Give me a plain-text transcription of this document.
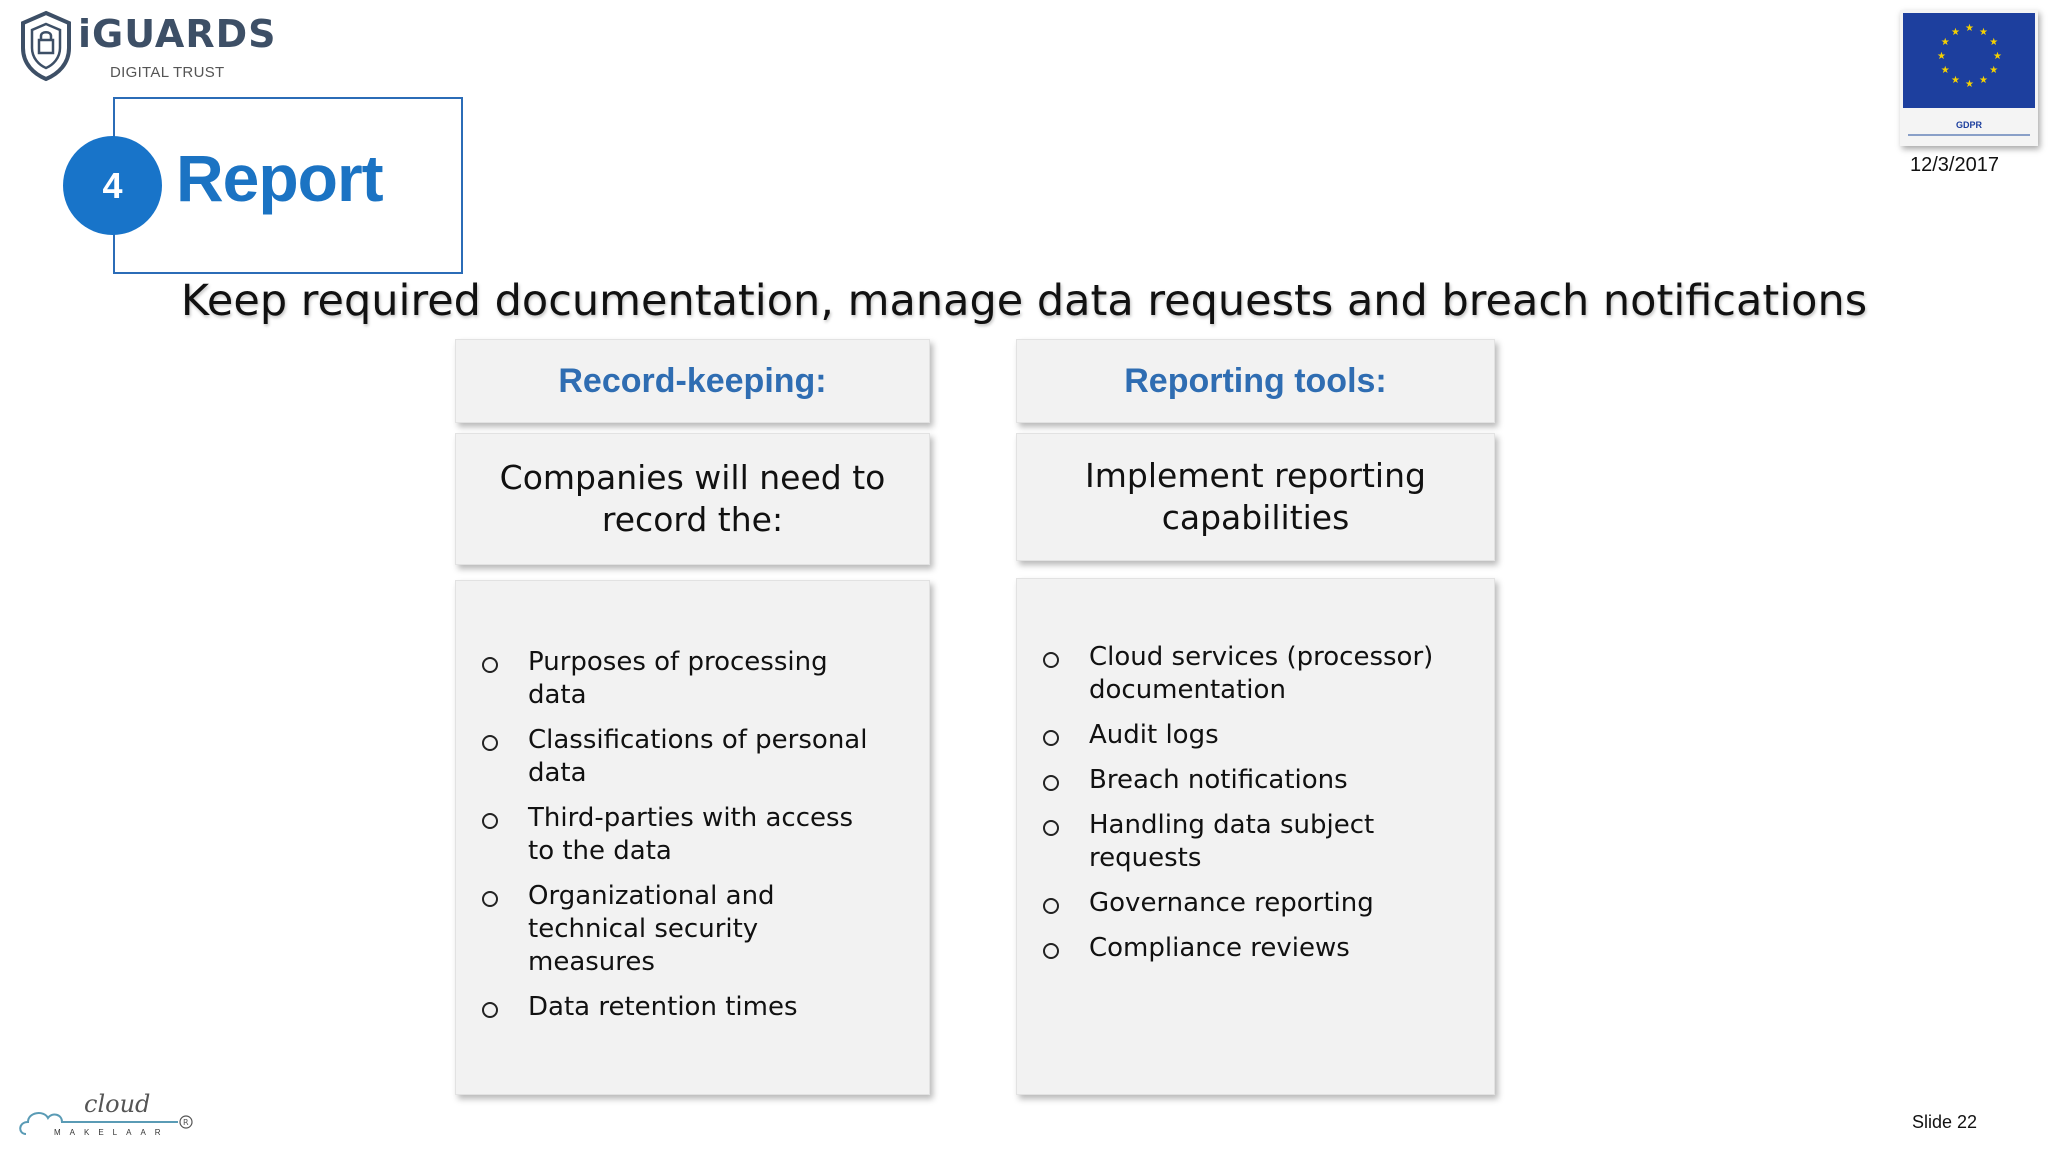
iGUARDS
DIGITAL TRUST
4 Report
★ ★
★
★
★
★
★
★
★
★
★
★
GDPR
12/3/2017
Keep required documentation, manage data requests and breach notifications
Record-keeping:
Companies will need to record the:
Purposes of processing data
Classifications of personal data
Third-parties with access to the data
Organizational and technical security measures
Data retention times
Reporting tools:
Implement reporting capabilities
Cloud services (processor) documentation
Audit logs
Breach notifications
Handling data subject requests
Governance reporting
Compliance reviews
R
cloud
MAKELAAR
Slide 22
